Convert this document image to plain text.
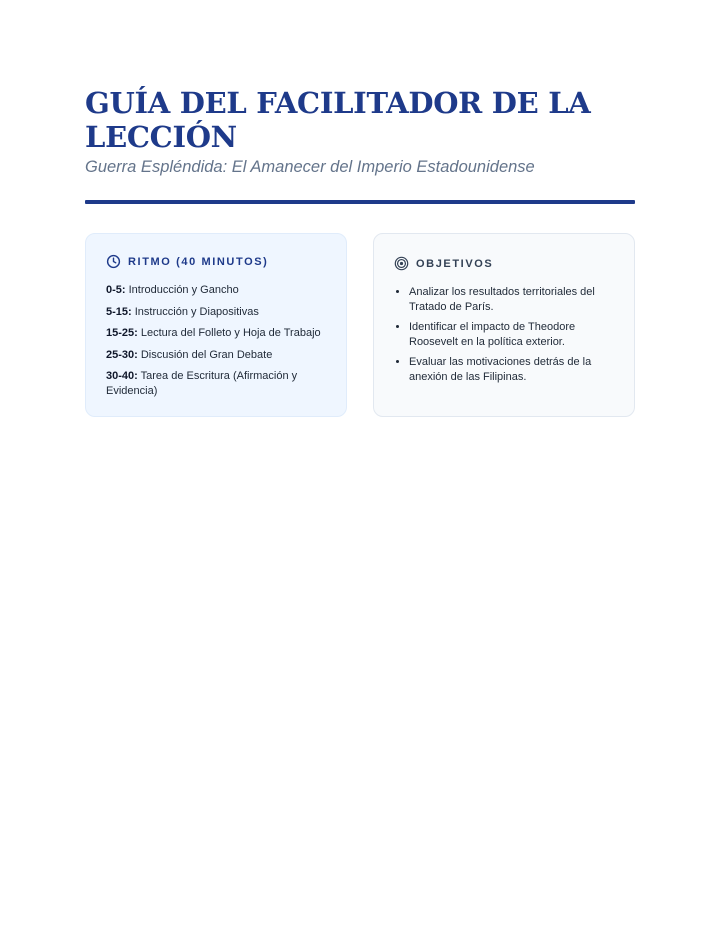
GUÍA DEL FACILITADOR DE LA LECCIÓN

Guerra Espléndida: El Amanecer del Imperio Estadounidense

RITMO (40 MINUTOS)
0-5: Introducción y Gancho
5-15: Instrucción y Diapositivas
15-25: Lectura del Folleto y Hoja de Trabajo
25-30: Discusión del Gran Debate
30-40: Tarea de Escritura (Afirmación y Evidencia)
OBJETIVOS
• Analizar los resultados territoriales del Tratado de París.
• Identificar el impacto de Theodore Roosevelt en la política exterior.
• Evaluar las motivaciones detrás de la anexión de las Filipinas.
